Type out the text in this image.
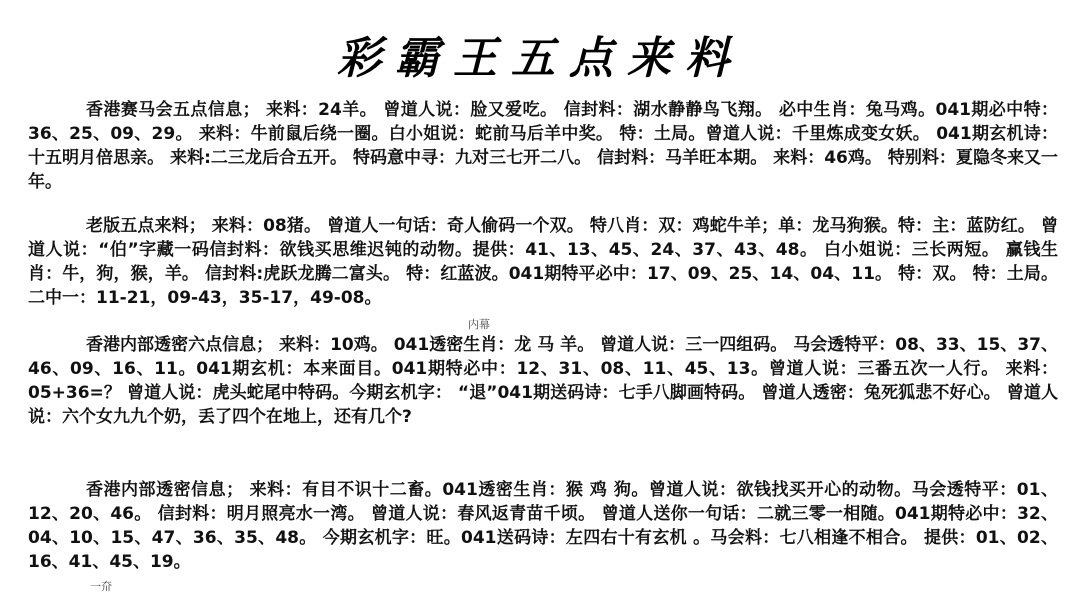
彩霸王五点来料
香港赛马会五点信息； 来料：24羊。 曾道人说：脸又爱吃。 信封料：湖水静静鸟飞翔。 必中生肖：兔马鸡。041期必中特：36、25、09、29。 来料：牛前鼠后绕一圈。白小姐说：蛇前马后羊中奖。 特：土局。曾道人说：千里炼成变女妖。 041期玄机诗：十五明月倍思亲。 来料:二三龙后合五开。 特码意中寻：九对三七开二八。 信封料：马羊旺本期。 来料：46鸡。 特别料：夏隐冬来又一年。
老版五点来料； 来料：08猪。 曾道人一句话：奇人偷码一个双。 特八肖：双：鸡蛇牛羊；单：龙马狗猴。特：主：蓝防红。 曾道人说：“伯”字藏一码信封料：欲钱买思维迟钝的动物。提供：41、13、45、24、37、43、48。 白小姐说：三长两短。 赢钱生肖：牛，狗，猴，羊。 信封料:虎跃龙腾二富头。 特：红蓝波。041期特平必中：17、09、25、14、04、11。 特：双。 特：土局。 二中一：11-21，09-43，35-17，49-08。
香港内部透密六点信息； 来料：10鸡。 041透密生肖：龙 马 羊。 曾道人说：三一四组码。 马会透特平：08、33、15、37、46、09、16、11。041期玄机：本来面目。041期特必中：12、31、08、11、45、13。曾道人说：三番五次一人行。 来料：05+36=？ 曾道人说：虎头蛇尾中特码。今期玄机字： “退”041期送码诗：七手八脚画特码。 曾道人透密：兔死狐悲不好心。 曾道人说：六个女九九个奶，丢了四个在地上，还有几个?
香港内部透密信息； 来料：有目不识十二畜。041透密生肖：猴 鸡 狗。曾道人说：欲钱找买开心的动物。马会透特平：01、12、20、46。 信封料：明月照亮水一湾。 曾道人说：春风返青苗千顷。 曾道人送你一句话：二就三零一相随。041期特必中：32、04、10、15、47、36、35、48。 今期玄机字：旺。041送码诗：左四右十有玄机 。马会料：七八相逢不相合。 提供：01、02、16、41、45、19。
内幕
一夼
